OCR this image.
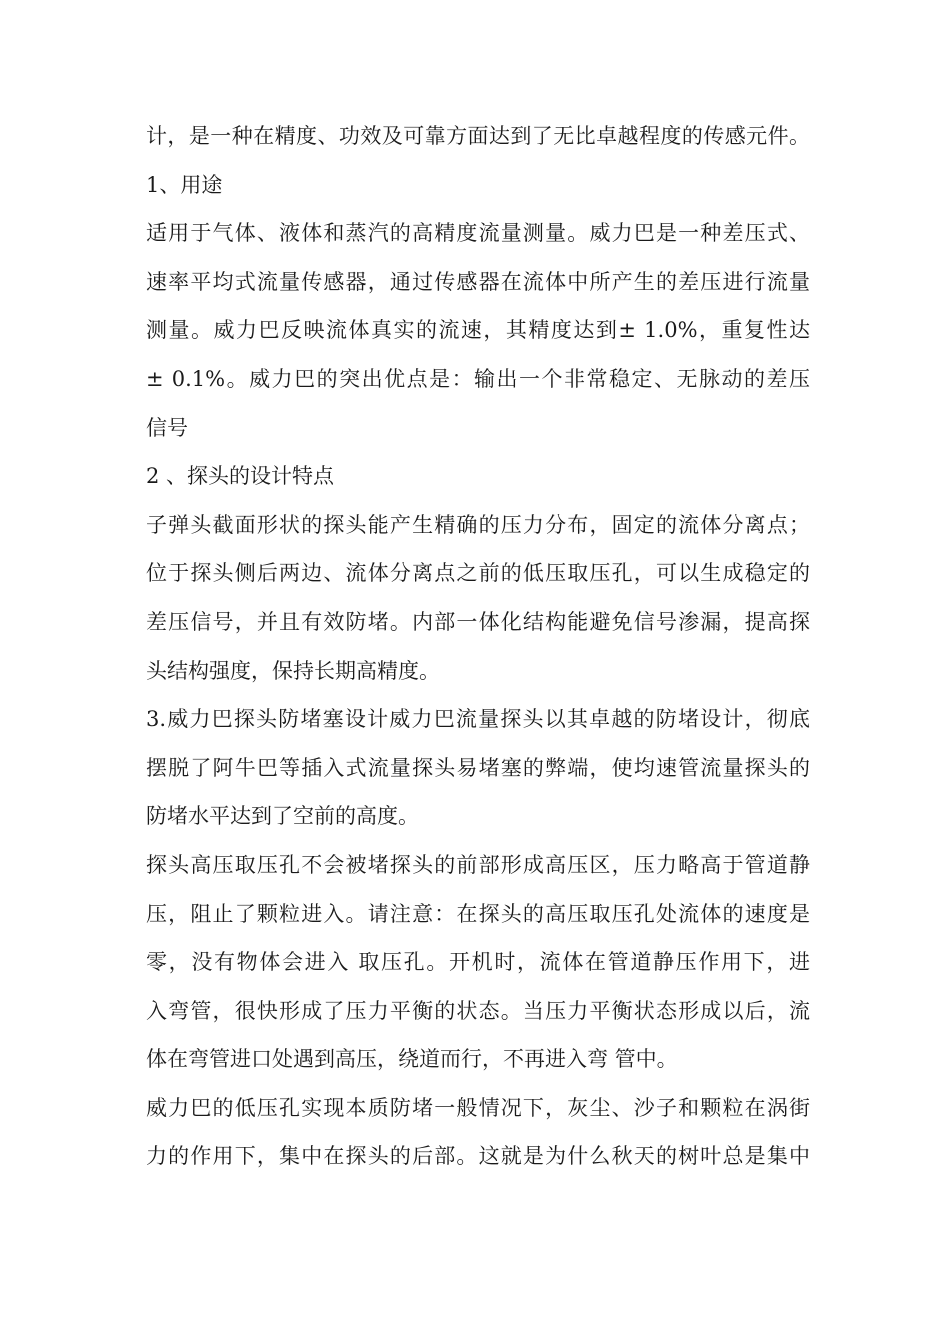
计，是一种在精度、功效及可靠方面达到了无比卓越程度的传感元件。
1、用途
适用于气体、液体和蒸汽的高精度流量测量。威力巴是一种差压式、
速率平均式流量传感器，通过传感器在流体中所产生的差压进行流量
测量。威力巴反映流体真实的流速，其精度达到± 1.0%，重复性达
± 0.1%。威力巴的突出优点是：输出一个非常稳定、无脉动的差压
信号
2 、探头的设计特点
子弹头截面形状的探头能产生精确的压力分布，固定的流体分离点；
位于探头侧后两边、流体分离点之前的低压取压孔，可以生成稳定的
差压信号，并且有效防堵。内部一体化结构能避免信号渗漏，提高探
头结构强度，保持长期高精度。
3.威力巴探头防堵塞设计威力巴流量探头以其卓越的防堵设计，彻底
摆脱了阿牛巴等插入式流量探头易堵塞的弊端，使均速管流量探头的
防堵水平达到了空前的高度。
探头高压取压孔不会被堵探头的前部形成高压区，压力略高于管道静
压，阻止了颗粒进入。请注意：在探头的高压取压孔处流体的速度是
零，没有物体会进入 取压孔。开机时，流体在管道静压作用下，进
入弯管，很快形成了压力平衡的状态。当压力平衡状态形成以后，流
体在弯管进口处遇到高压，绕道而行，不再进入弯 管中。
威力巴的低压孔实现本质防堵一般情况下，灰尘、沙子和颗粒在涡街
力的作用下，集中在探头的后部。这就是为什么秋天的树叶总是集中
